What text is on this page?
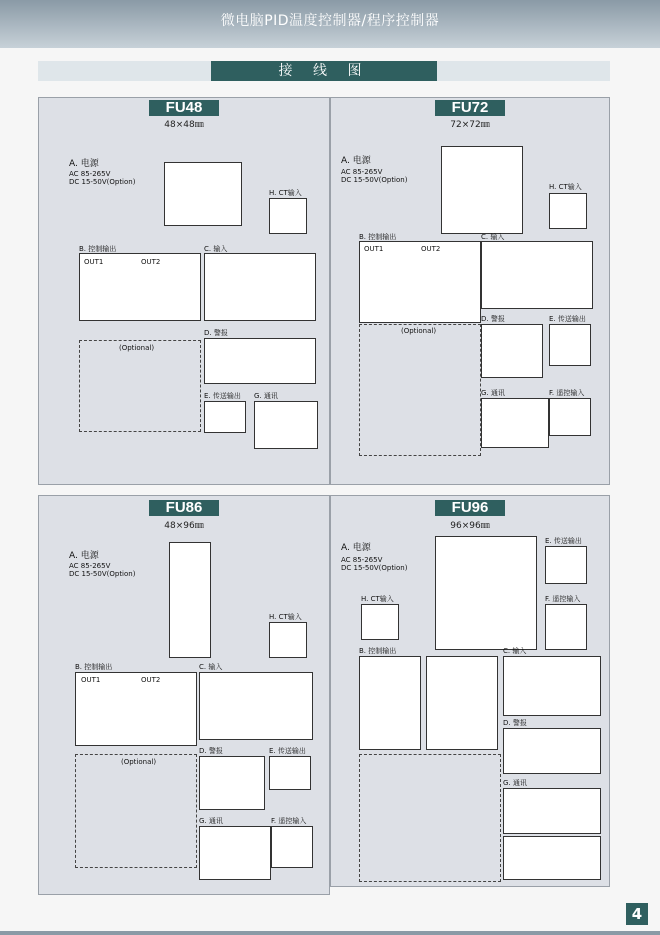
微电脑PID温度控制器/程序控制器
接 线 图
FU48
48×48㎜
A. 电源
AC 85-265V
DC 15-50V(Option)
H. CT输入
B. 控制输出
OUT1	OUT2
C. 输入
(Optional)
D. 警报
E. 传送输出 G. 通讯
FU72
72×72㎜
A. 电源
AC 85-265V
DC 15-50V(Option)
H. CT输入
B. 控制输出
OUT1	OUT2
C. 输入
(Optional)
D. 警报	E. 传送输出
G. 通讯	F. 遥控输入
FU86
48×96㎜
A. 电源
AC 85-265V
DC 15-50V(Option)
H. CT输入
B. 控制输出
OUT1	OUT2
C. 输入
(Optional)
D. 警报	E. 传送输出
G. 通讯	F. 遥控输入
FU96
96×96㎜
A. 电源
AC 85-265V
DC 15-50V(Option)
E. 传送输出
F. 遥控输入
H. CT输入
B. 控制输出	C. 输入
D. 警报
G. 通讯
4
